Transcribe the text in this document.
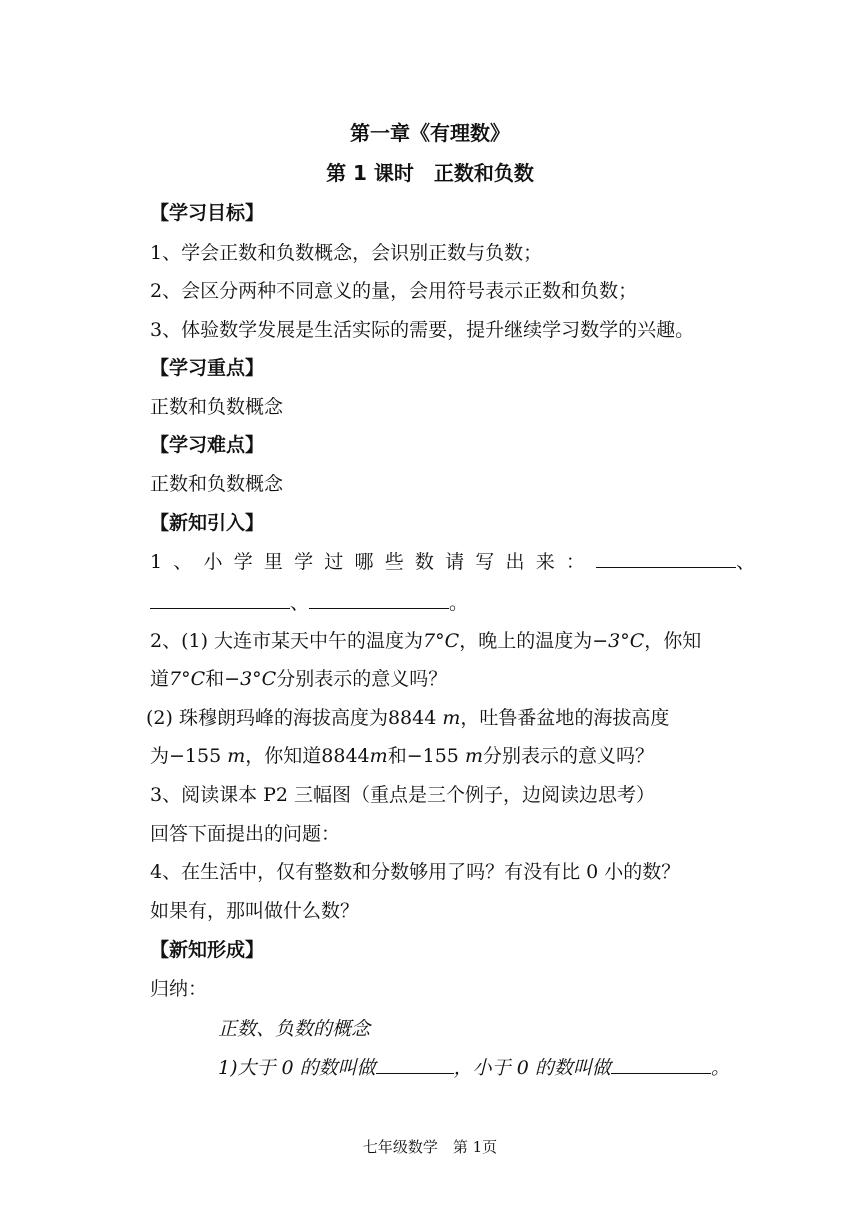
第一章《有理数》
第 1 课时　正数和负数
【学习目标】
1、学会正数和负数概念，会识别正数与负数；
2、会区分两种不同意义的量，会用符号表示正数和负数；
3、体验数学发展是生活实际的需要，提升继续学习数学的兴趣。
【学习重点】
正数和负数概念
【学习难点】
正数和负数概念
【新知引入】
1、小学里学过哪些数请写出来：	、
、	。
2、(1) 大连市某天中午的温度为7°C，晚上的温度为−3°C，你知
道7°C和−3°C分别表示的意义吗？
(2) 珠穆朗玛峰的海拔高度为8844 m，吐鲁番盆地的海拔高度
为−155 m，你知道8844m和−155 m分别表示的意义吗？
3、阅读课本 P2 三幅图（重点是三个例子，边阅读边思考）
回答下面提出的问题：
4、在生活中，仅有整数和分数够用了吗？有没有比 0 小的数？
如果有，那叫做什么数？
【新知形成】
归纳：
正数、负数的概念
1)大于 0 的数叫做	，小于 0 的数叫做	。
七年级数学　第 1页
